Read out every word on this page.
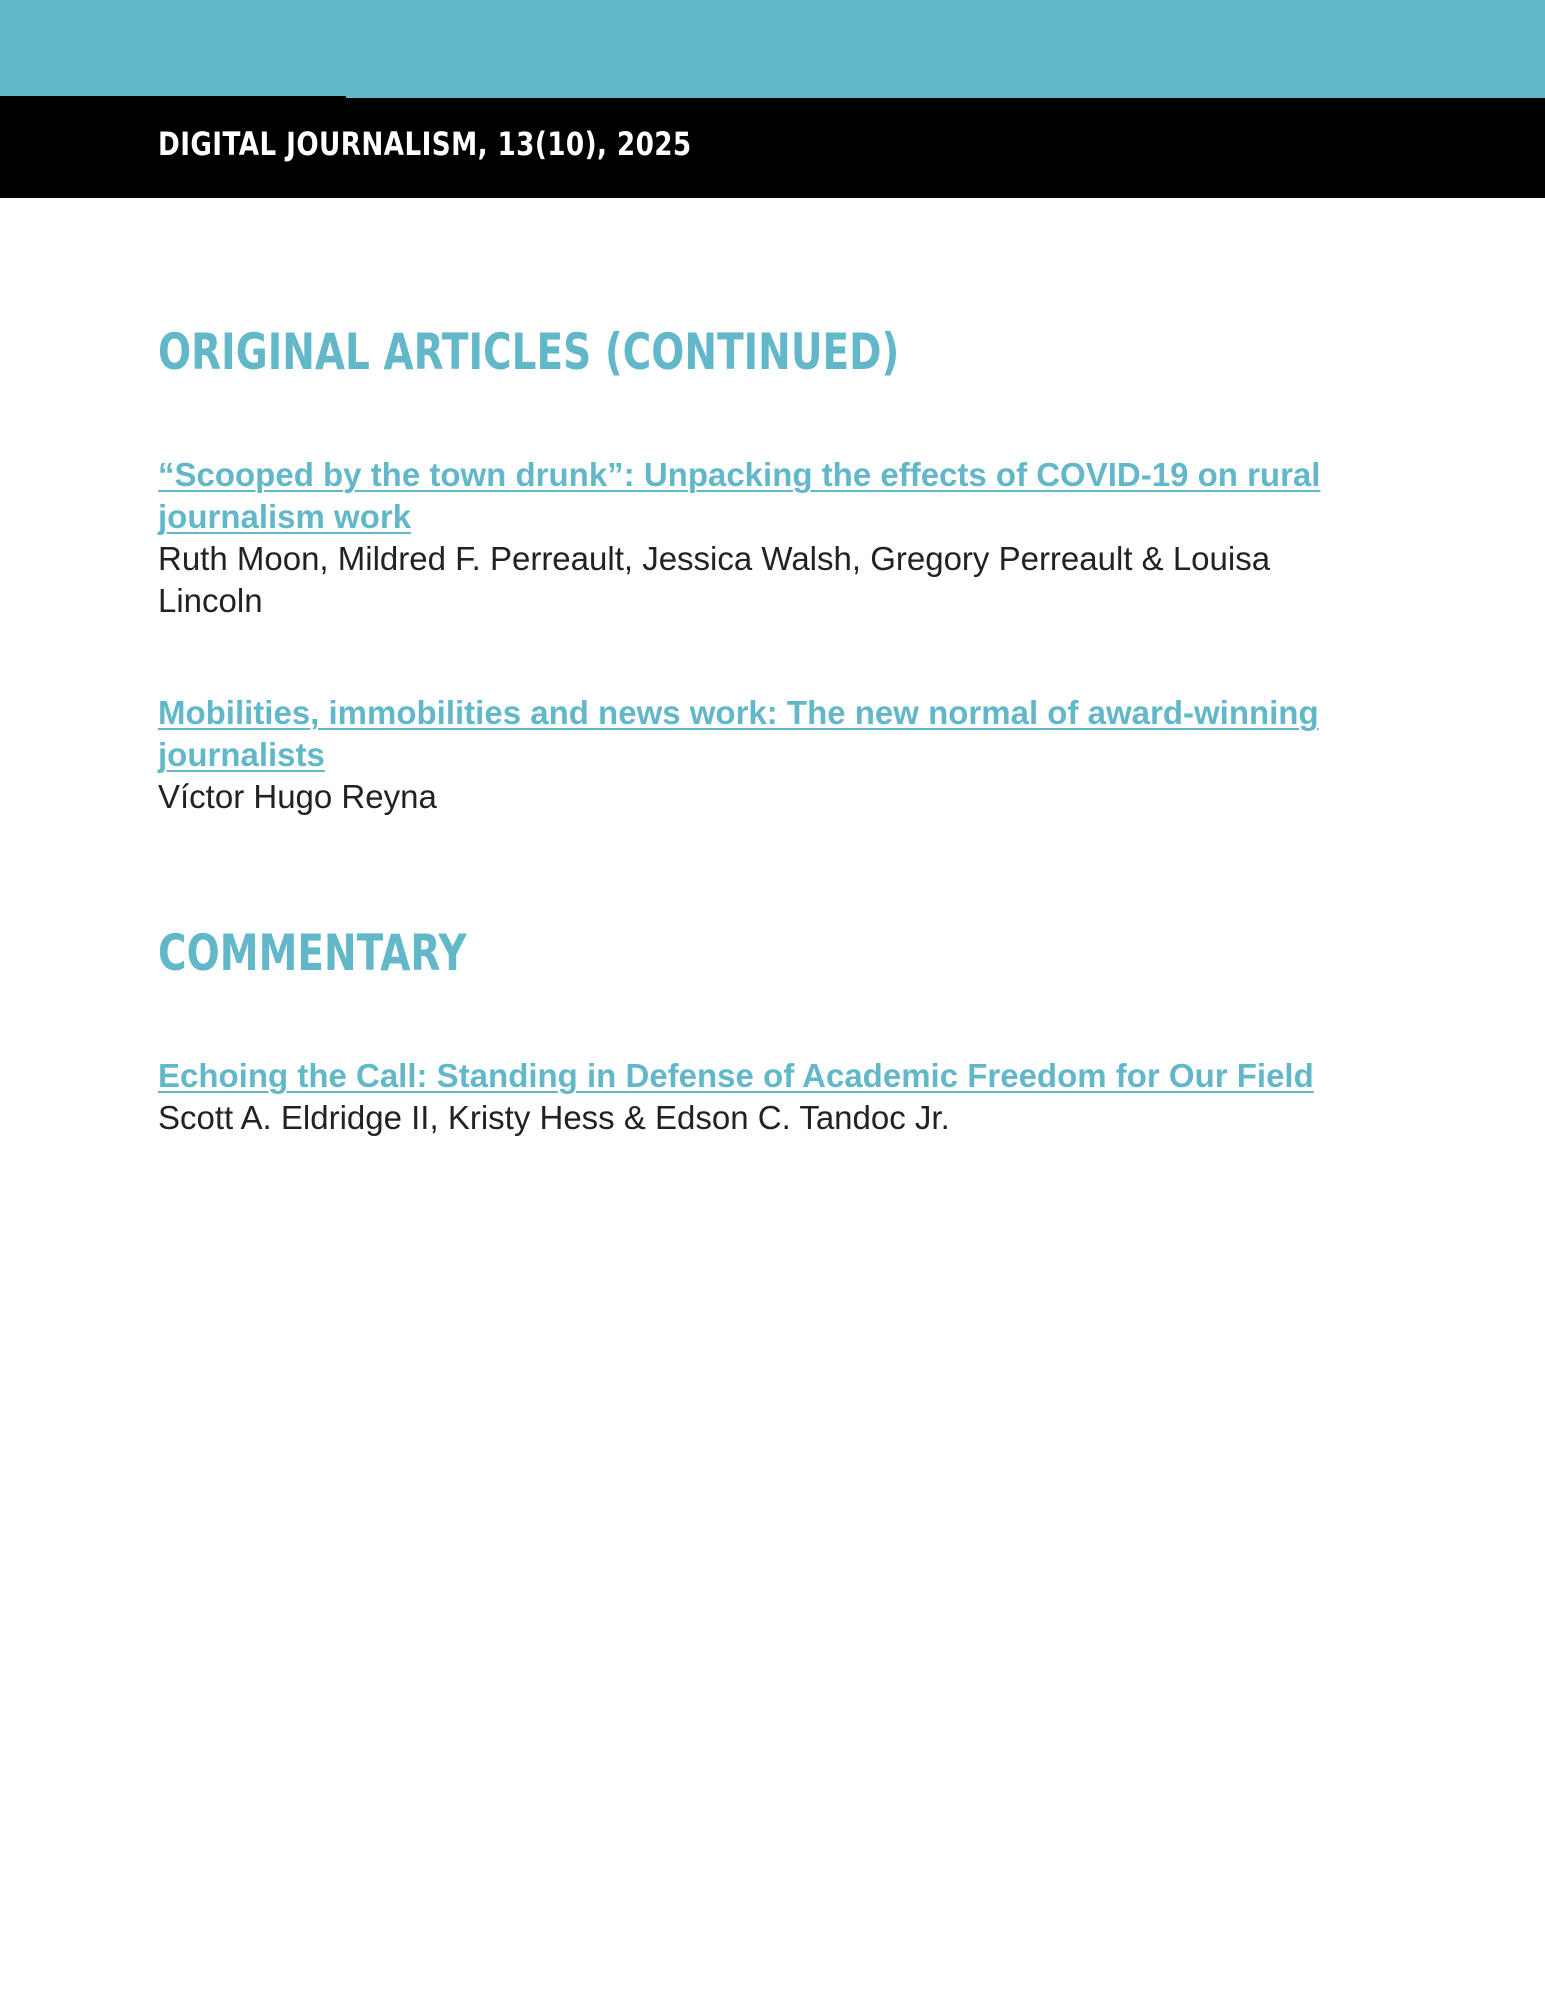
DIGITAL JOURNALISM, 13(10), 2025
ORIGINAL ARTICLES (CONTINUED)
“Scooped by the town drunk”: Unpacking the effects of COVID-19 on rural journalism work
Ruth Moon, Mildred F. Perreault, Jessica Walsh, Gregory Perreault & Louisa Lincoln
Mobilities, immobilities and news work: The new normal of award-winning journalists
Víctor Hugo Reyna
COMMENTARY
Echoing the Call: Standing in Defense of Academic Freedom for Our Field
Scott A. Eldridge II, Kristy Hess & Edson C. Tandoc Jr.
